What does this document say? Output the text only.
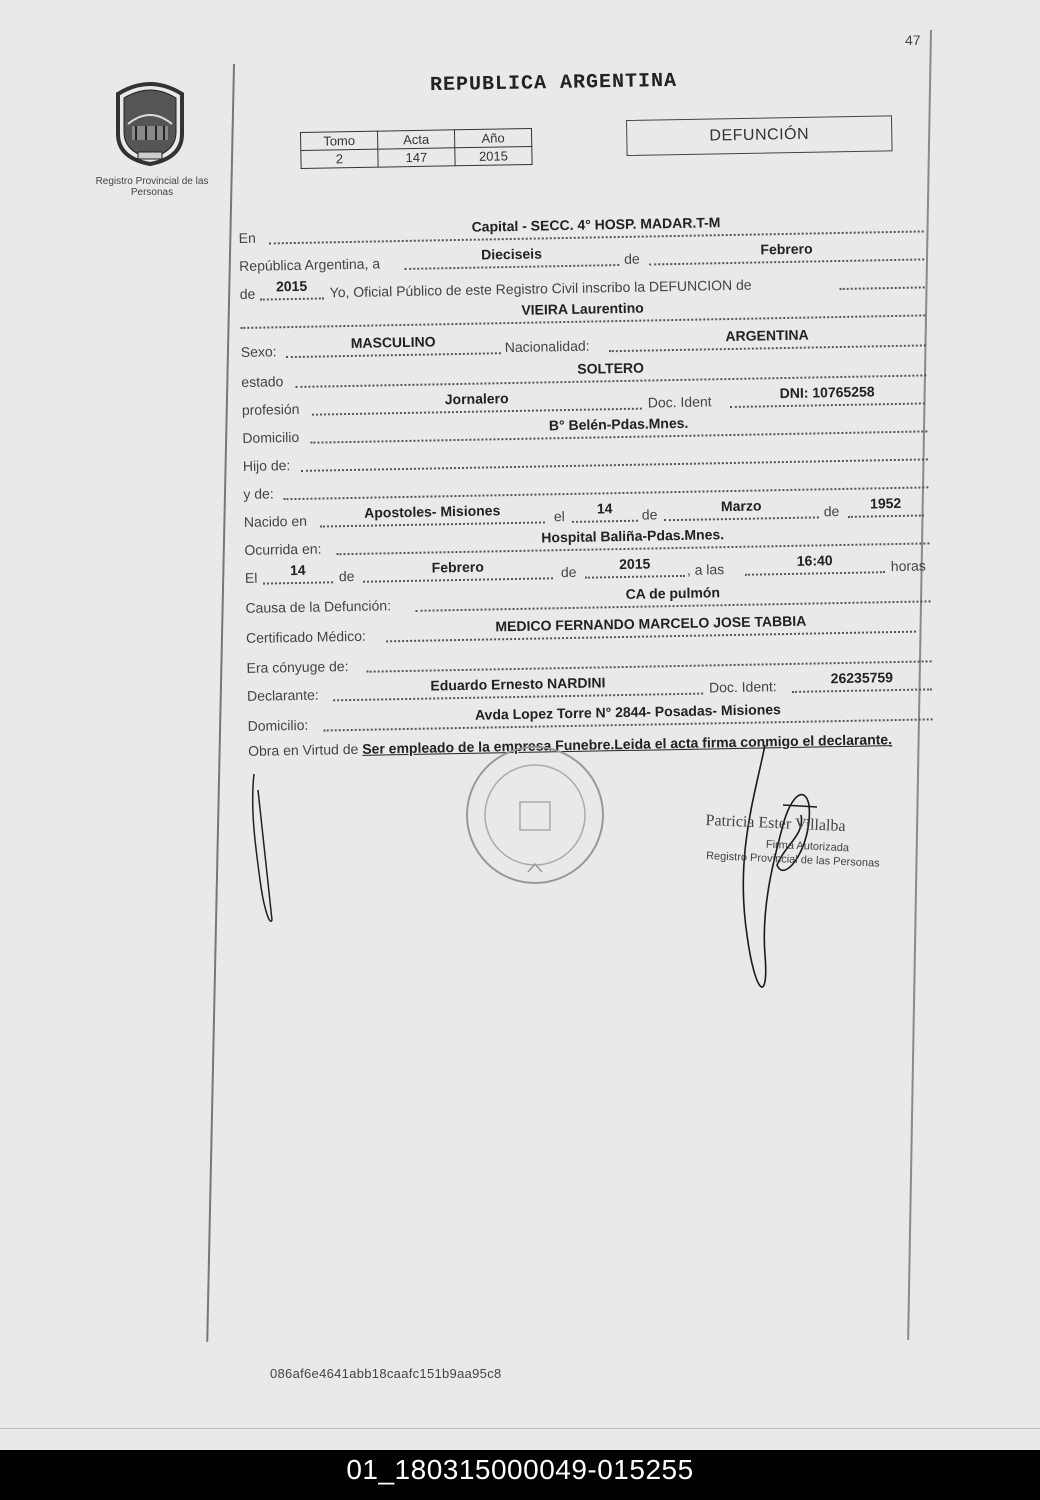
47
Registro Provincial de las Personas
REPUBLICA ARGENTINA
Tomo	Acta	Año
2	147	2015
DEFUNCIÓN
En
Capital - SECC. 4° HOSP. MADAR.T-M
República Argentina, a
Dieciseis	de
Febrero
de	2015	Yo, Oficial Público de este Registro Civil inscribo la DEFUNCION de
VIEIRA Laurentino
Sexo:
MASCULINO	Nacionalidad:
ARGENTINA
estado
SOLTERO
profesión
Jornalero	Doc. Ident
DNI: 10765258
Domicilio
B° Belén-Pdas.Mnes.
Hijo de:
y de:
Nacido en
Apostoles- Misiones	el	14	de
Marzo	de	1952
Ocurrida en:
Hospital Baliña-Pdas.Mnes.
El	14	de
Febrero	de	2015	, a las
16:40	horas
Causa de la Defunción:
CA de pulmón
Certificado Médico:
MEDICO FERNANDO MARCELO JOSE TABBIA
Era cónyuge de:
Declarante:
Eduardo Ernesto NARDINI	Doc. Ident:
26235759
Domicilio:
Avda Lopez Torre N° 2844- Posadas- Misiones
Obra en Virtud de Ser empleado de la empresa Funebre.Leida el acta firma conmigo el declarante.
Patricia Ester Villalba
Firma Autorizada
Registro Provincial de las Personas
086af6e4641abb18caafc151b9aa95c8
01_180315000049-015255
